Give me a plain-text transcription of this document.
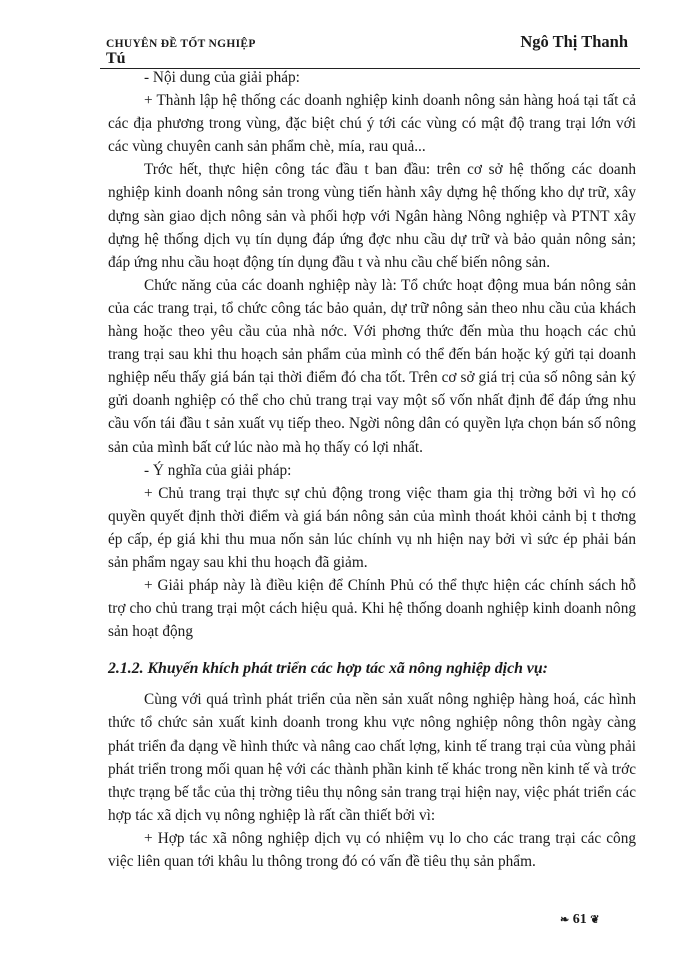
CHUYÊN ĐỀ TỐT NGHIỆP	Ngô Thị Thanh
Tú

- Nội dung của giải pháp:

+ Thành lập hệ thống các doanh nghiệp kinh doanh nông sản hàng hoá tại tất cả các địa phương trong vùng, đặc biệt chú ý tới các vùng có mật độ trang trại lớn với các vùng chuyên canh sản phẩm chè, mía, rau quả...

Trớc hết, thực hiện công tác đầu t ban đầu: trên cơ sở hệ thống các doanh nghiệp kinh doanh nông sản trong vùng tiến hành xây dựng hệ thống kho dự trữ, xây dựng sàn giao dịch nông sản và phối hợp với Ngân hàng Nông nghiệp và PTNT xây dựng hệ thống dịch vụ tín dụng đáp ứng đợc nhu cầu dự trữ và bảo quản nông sản; đáp ứng nhu cầu hoạt động tín dụng đầu t và nhu cầu chế biến nông sản.

Chức năng của các doanh nghiệp này là: Tổ chức hoạt động mua bán nông sản của các trang trại, tổ chức công tác bảo quản, dự trữ nông sản theo nhu cầu của khách hàng hoặc theo yêu cầu của nhà nớc. Với phơng thức đến mùa thu hoạch các chủ trang trại sau khi thu hoạch sản phẩm của mình có thể đến bán hoặc ký gửi tại doanh nghiệp nếu thấy giá bán tại thời điểm đó cha tốt. Trên cơ sở giá trị của số nông sản ký gửi doanh nghiệp có thể cho chủ trang trại vay một số vốn nhất định để đáp ứng nhu cầu vốn tái đầu t sản xuất vụ tiếp theo. Ngời nông dân có quyền lựa chọn bán số nông sản của mình bất cứ lúc nào mà họ thấy có lợi nhất.

- Ý nghĩa của giải pháp:

+ Chủ trang trại thực sự chủ động trong việc tham gia thị trờng bởi vì họ có quyền quyết định thời điểm và giá bán nông sản của mình thoát khỏi cảnh bị t thơng ép cấp, ép giá khi thu mua nốn sản lúc chính vụ nh hiện nay bởi vì sức ép phải bán sản phẩm ngay sau khi thu hoạch đã giảm.

+ Giải pháp này là điều kiện để Chính Phủ có thể thực hiện các chính sách hỗ trợ cho chủ trang trại một cách hiệu quả. Khi hệ thống doanh nghiệp kinh doanh nông sản hoạt động

2.1.2. Khuyến khích phát triển các hợp tác xã nông nghiệp dịch vụ:

Cùng với quá trình phát triển của nền sản xuất nông nghiệp hàng hoá, các hình thức tổ chức sản xuất kinh doanh trong khu vực nông nghiệp nông thôn ngày càng phát triển đa dạng về hình thức và nâng cao chất lợng, kinh tế trang trại của vùng phải phát triển trong mối quan hệ với các thành phần kinh tế khác trong nền kinh tế và trớc thực trạng bế tắc của thị trờng tiêu thụ nông sản trang trại hiện nay, việc phát triển các hợp tác xã dịch vụ nông nghiệp là rất cần thiết bởi vì:

+ Hợp tác xã nông nghiệp dịch vụ có nhiệm vụ lo cho các trang trại các công việc liên quan tới khâu lu thông trong đó có vấn đề tiêu thụ sản phẩm.

❧ 61 ❦
